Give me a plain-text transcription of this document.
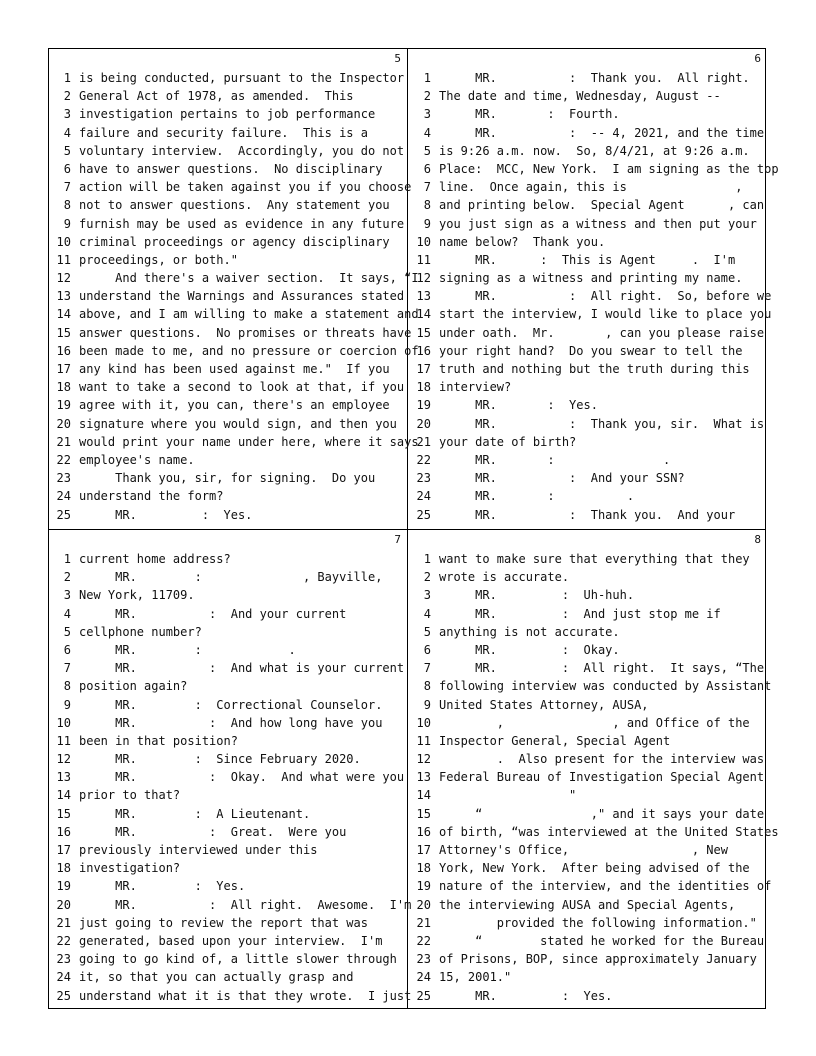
5
1 is being conducted, pursuant to the Inspector
2 General Act of 1978, as amended.  This
3 investigation pertains to job performance
4 failure and security failure.  This is a
5 voluntary interview.  Accordingly, you do not
6 have to answer questions.  No disciplinary
7 action will be taken against you if you choose
8 not to answer questions.  Any statement you
9 furnish may be used as evidence in any future
10 criminal proceedings or agency disciplinary
11 proceedings, or both."
12     And there's a waiver section.  It says, “I
13 understand the Warnings and Assurances stated
14 above, and I am willing to make a statement and
15 answer questions.  No promises or threats have
16 been made to me, and no pressure or coercion of
17 any kind has been used against me."  If you
18 want to take a second to look at that, if you
19 agree with it, you can, there's an employee
20 signature where you would sign, and then you
21 would print your name under here, where it says
22 employee's name.
23     Thank you, sir, for signing.  Do you
24 understand the form?
25     MR.         :  Yes.
6
1     MR.          :  Thank you.  All right.
2 The date and time, Wednesday, August --
3     MR.       :  Fourth.
4     MR.          :  -- 4, 2021, and the time
5 is 9:26 a.m. now.  So, 8/4/21, at 9:26 a.m.
6 Place:  MCC, New York.  I am signing as the top
7 line.  Once again, this is               ,
8 and printing below.  Special Agent      , can
9 you just sign as a witness and then put your
10 name below?  Thank you.
11     MR.      :  This is Agent     .  I'm
12 signing as a witness and printing my name.
13     MR.          :  All right.  So, before we
14 start the interview, I would like to place you
15 under oath.  Mr.       , can you please raise
16 your right hand?  Do you swear to tell the
17 truth and nothing but the truth during this
18 interview?
19     MR.       :  Yes.
20     MR.          :  Thank you, sir.  What is
21 your date of birth?
22     MR.       :               .
23     MR.          :  And your SSN?
24     MR.       :          .
25     MR.          :  Thank you.  And your
7
1 current home address?
2     MR.        :              , Bayville,
3 New York, 11709.
4     MR.          :  And your current
5 cellphone number?
6     MR.        :            .
7     MR.          :  And what is your current
8 position again?
9     MR.        :  Correctional Counselor.
10     MR.          :  And how long have you
11 been in that position?
12     MR.        :  Since February 2020.
13     MR.          :  Okay.  And what were you
14 prior to that?
15     MR.        :  A Lieutenant.
16     MR.          :  Great.  Were you
17 previously interviewed under this
18 investigation?
19     MR.        :  Yes.
20     MR.          :  All right.  Awesome.  I'm
21 just going to review the report that was
22 generated, based upon your interview.  I'm
23 going to go kind of, a little slower through
24 it, so that you can actually grasp and
25 understand what it is that they wrote.  I just
8
1 want to make sure that everything that they
2 wrote is accurate.
3     MR.         :  Uh-huh.
4     MR.         :  And just stop me if
5 anything is not accurate.
6     MR.         :  Okay.
7     MR.         :  All right.  It says, “The
8 following interview was conducted by Assistant
9 United States Attorney, AUSA,
10        ,               , and Office of the
11 Inspector General, Special Agent
12        .  Also present for the interview was
13 Federal Bureau of Investigation Special Agent
14                  "
15     “               ," and it says your date
16 of birth, “was interviewed at the United States
17 Attorney's Office,                 , New
18 York, New York.  After being advised of the
19 nature of the interview, and the identities of
20 the interviewing AUSA and Special Agents,
21        provided the following information."
22     “        stated he worked for the Bureau
23 of Prisons, BOP, since approximately January
24 15, 2001."
25     MR.         :  Yes.
